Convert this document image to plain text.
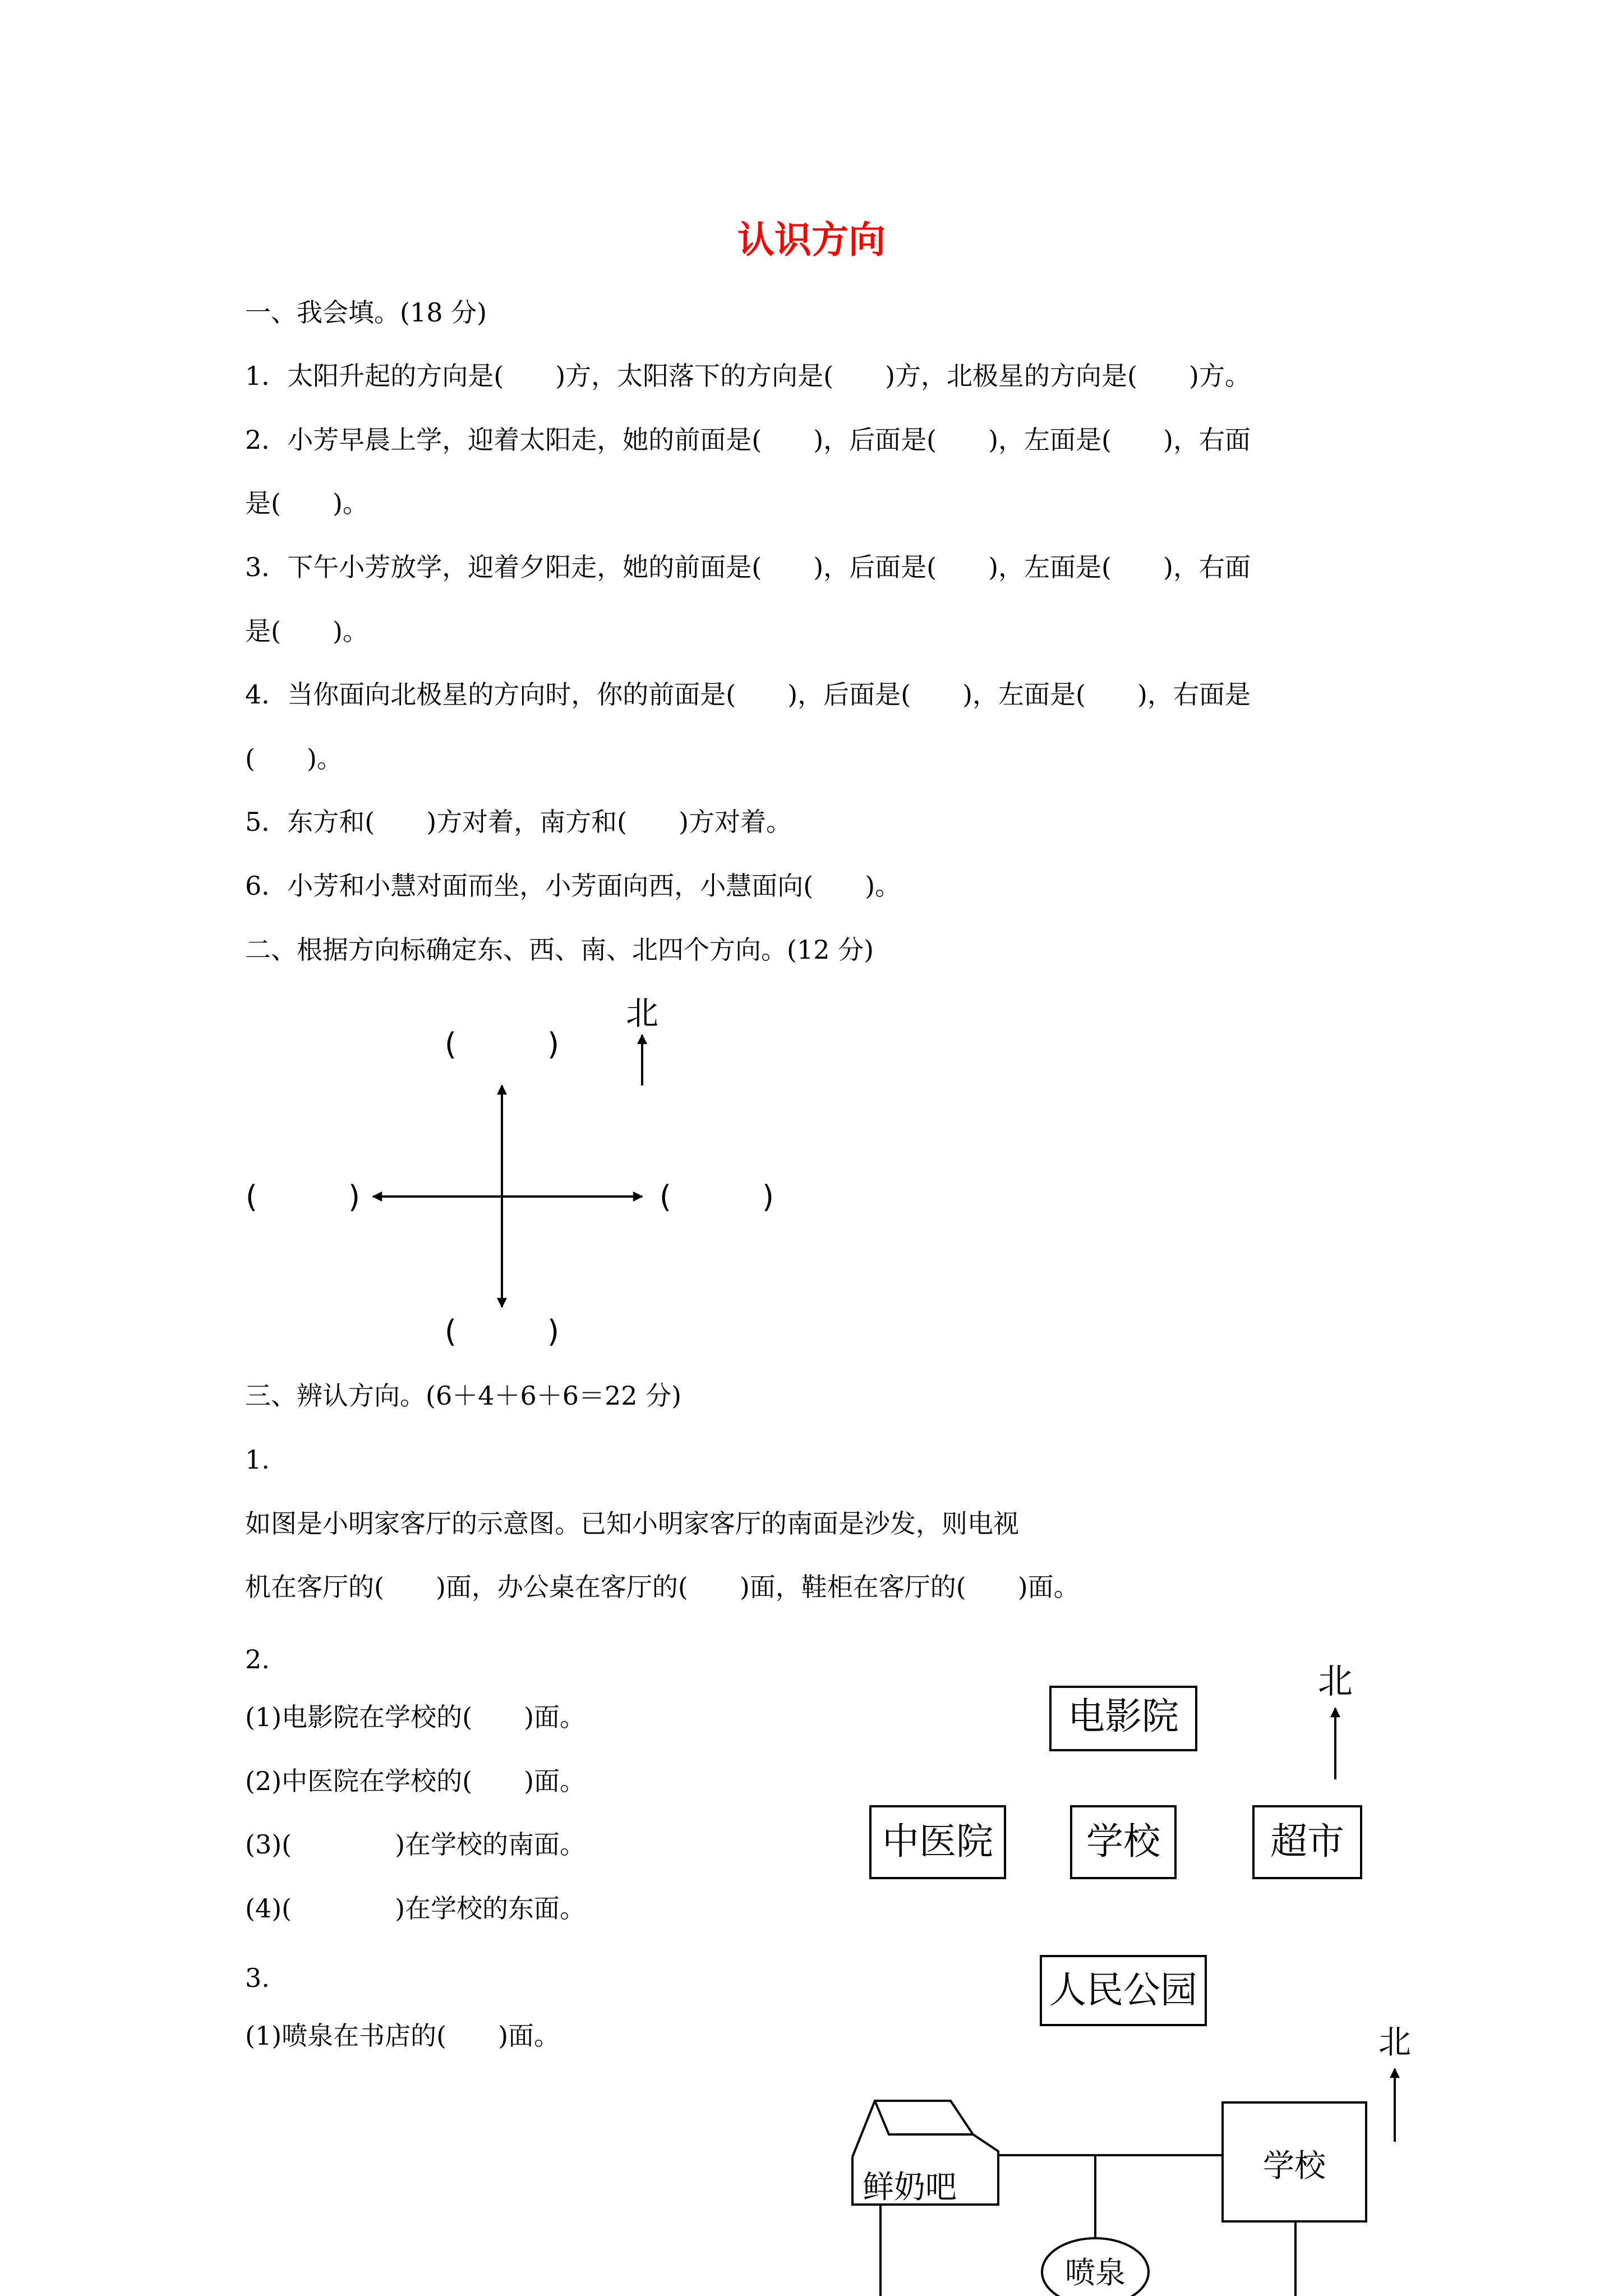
认识方向
一、我会填。(18 分)
1．太阳升起的方向是(　　)方，太阳落下的方向是(　　)方，北极星的方向是(　　)方。
2．小芳早晨上学，迎着太阳走，她的前面是(　　)，后面是(　　)，左面是(　　)，右面
是(　　)。
3．下午小芳放学，迎着夕阳走，她的前面是(　　)，后面是(　　)，左面是(　　)，右面
是(　　)。
4．当你面向北极星的方向时，你的前面是(　　)，后面是(　　)，左面是(　　)，右面是
(　　)。
5．东方和(　　)方对着，南方和(　　)方对着。
6．小芳和小慧对面而坐，小芳面向西，小慧面向(　　)。
二、根据方向标确定东、西、南、北四个方向。(12 分)
北
(　　　)
(　　　)	(　　　)
(　　　)
电影院
中医院	学校	超市
人民公园
北
北
鲜奶吧
学校
喷泉
三、辨认方向。(6＋4＋6＋6＝22 分)
1.
如图是小明家客厅的示意图。已知小明家客厅的南面是沙发，则电视
机在客厅的(　　)面，办公桌在客厅的(　　)面，鞋柜在客厅的(　　)面。
2.
(1)电影院在学校的(　　)面。
(2)中医院在学校的(　　)面。
(3)(　　　　)在学校的南面。
(4)(　　　　)在学校的东面。
3.
(1)喷泉在书店的(　　)面。
